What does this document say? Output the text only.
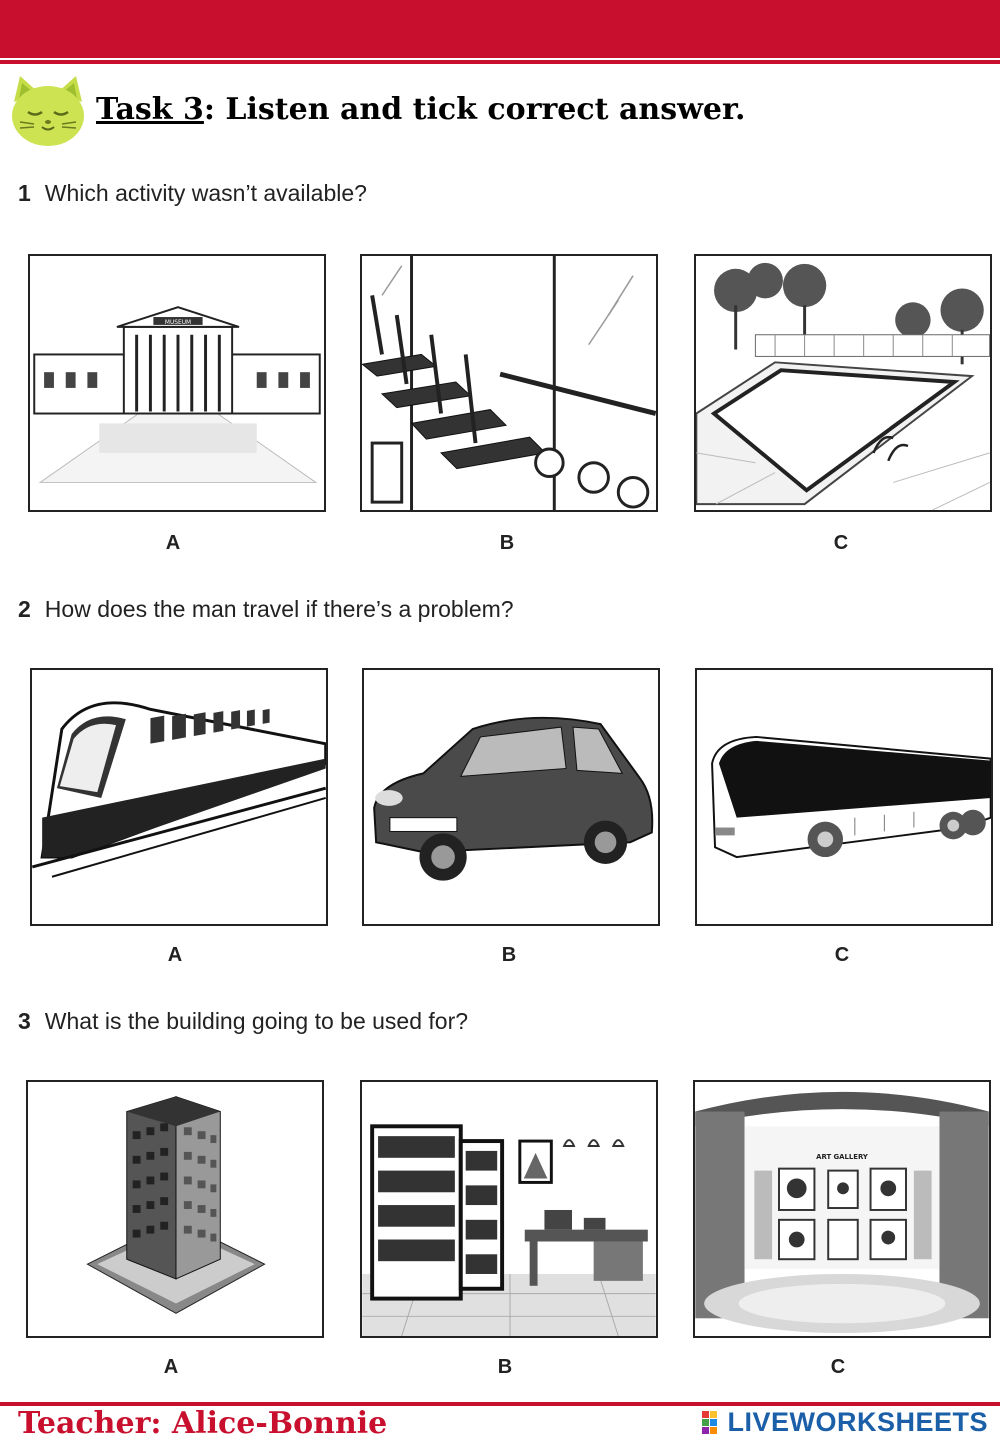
Task 3: Listen and tick correct answer.
1 Which activity wasn’t available?
MUSEUM
A	B	C
2 How does the man travel if there’s a problem?
A	B	C
3 What is the building going to be used for?
ART GALLERY
A	B	C
Teacher: Alice-Bonnie	LIVEWORKSHEETS
